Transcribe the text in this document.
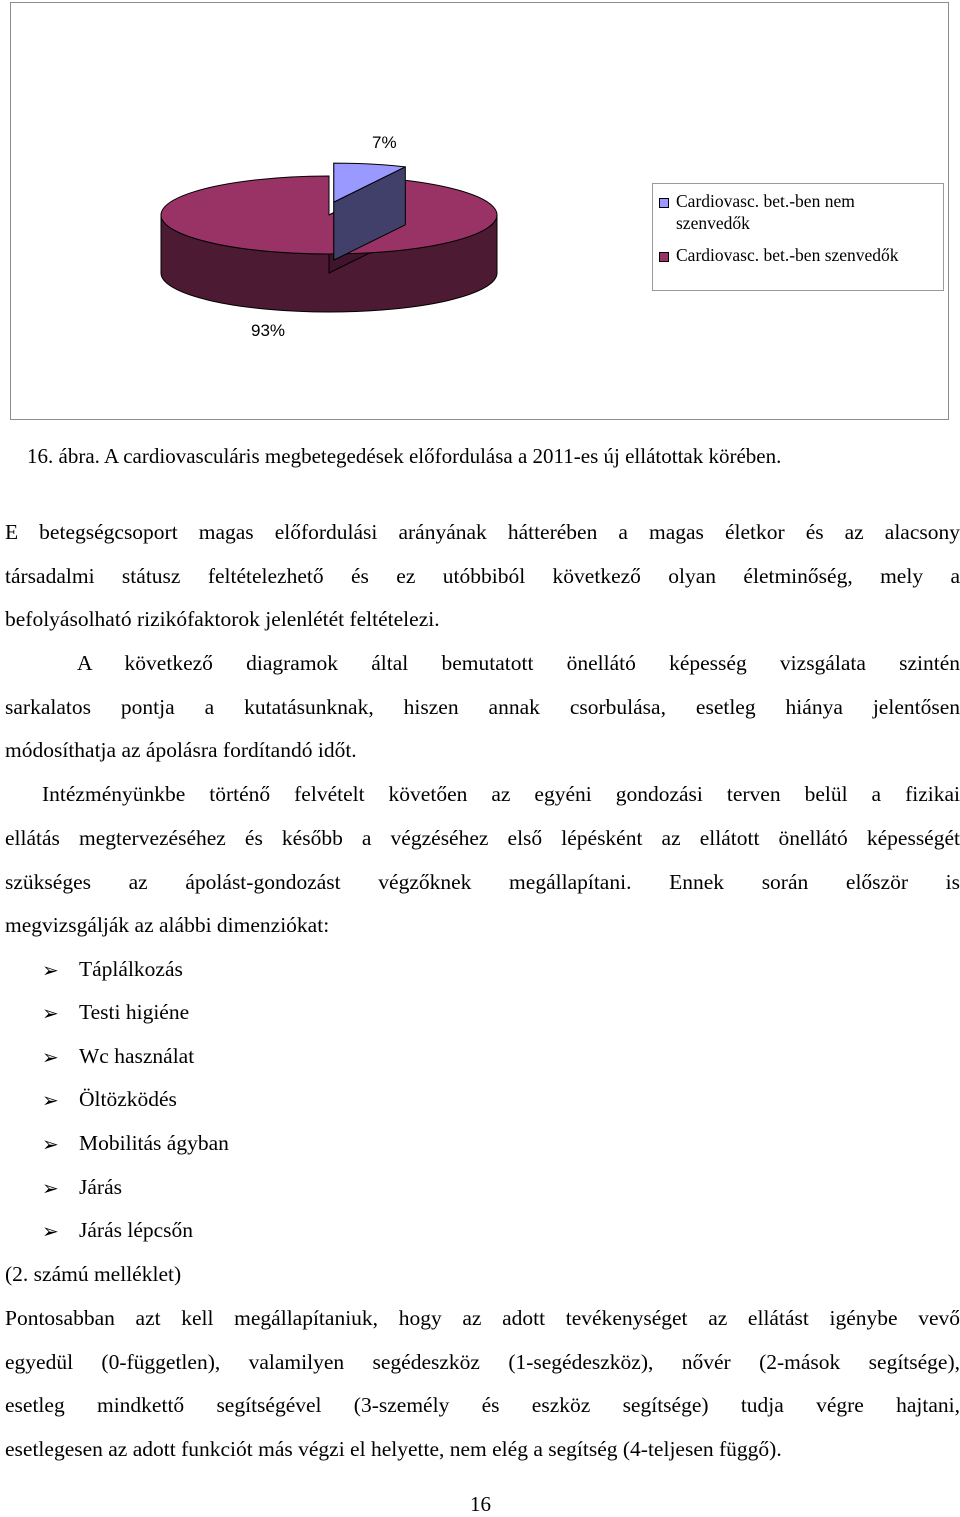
7%
93%
Cardiovasc. bet.-ben nem szenvedők
Cardiovasc. bet.-ben szenvedők
16. ábra. A cardiovasculáris megbetegedések előfordulása a 2011-es új ellátottak körében.
E betegségcsoport magas előfordulási arányának hátterében a magas életkor és az alacsony
társadalmi státusz feltételezhető és ez utóbbiból következő olyan életminőség, mely a
befolyásolható rizikófaktorok jelenlétét feltételezi.
A következő diagramok által bemutatott önellátó képesség vizsgálata szintén
sarkalatos pontja a kutatásunknak, hiszen annak csorbulása, esetleg hiánya jelentősen
módosíthatja az ápolásra fordítandó időt.
Intézményünkbe történő felvételt követően az egyéni gondozási terven belül a fizikai
ellátás megtervezéséhez és később a végzéséhez első lépésként az ellátott önellátó képességét
szükséges az ápolást-gondozást végzőknek megállapítani. Ennek során először is
megvizsgálják az alábbi dimenziókat:
➢ Táplálkozás
➢ Testi higiéne
➢ Wc használat
➢ Öltözködés
➢ Mobilitás ágyban
➢ Járás
➢ Járás lépcsőn
(2. számú melléklet)
Pontosabban azt kell megállapítaniuk, hogy az adott tevékenységet az ellátást igénybe vevő
egyedül (0-független), valamilyen segédeszköz (1-segédeszköz), nővér (2-mások segítsége),
esetleg mindkettő segítségével (3-személy és eszköz segítsége) tudja végre hajtani,
esetlegesen az adott funkciót más végzi el helyette, nem elég a segítség (4-teljesen függő).
16
